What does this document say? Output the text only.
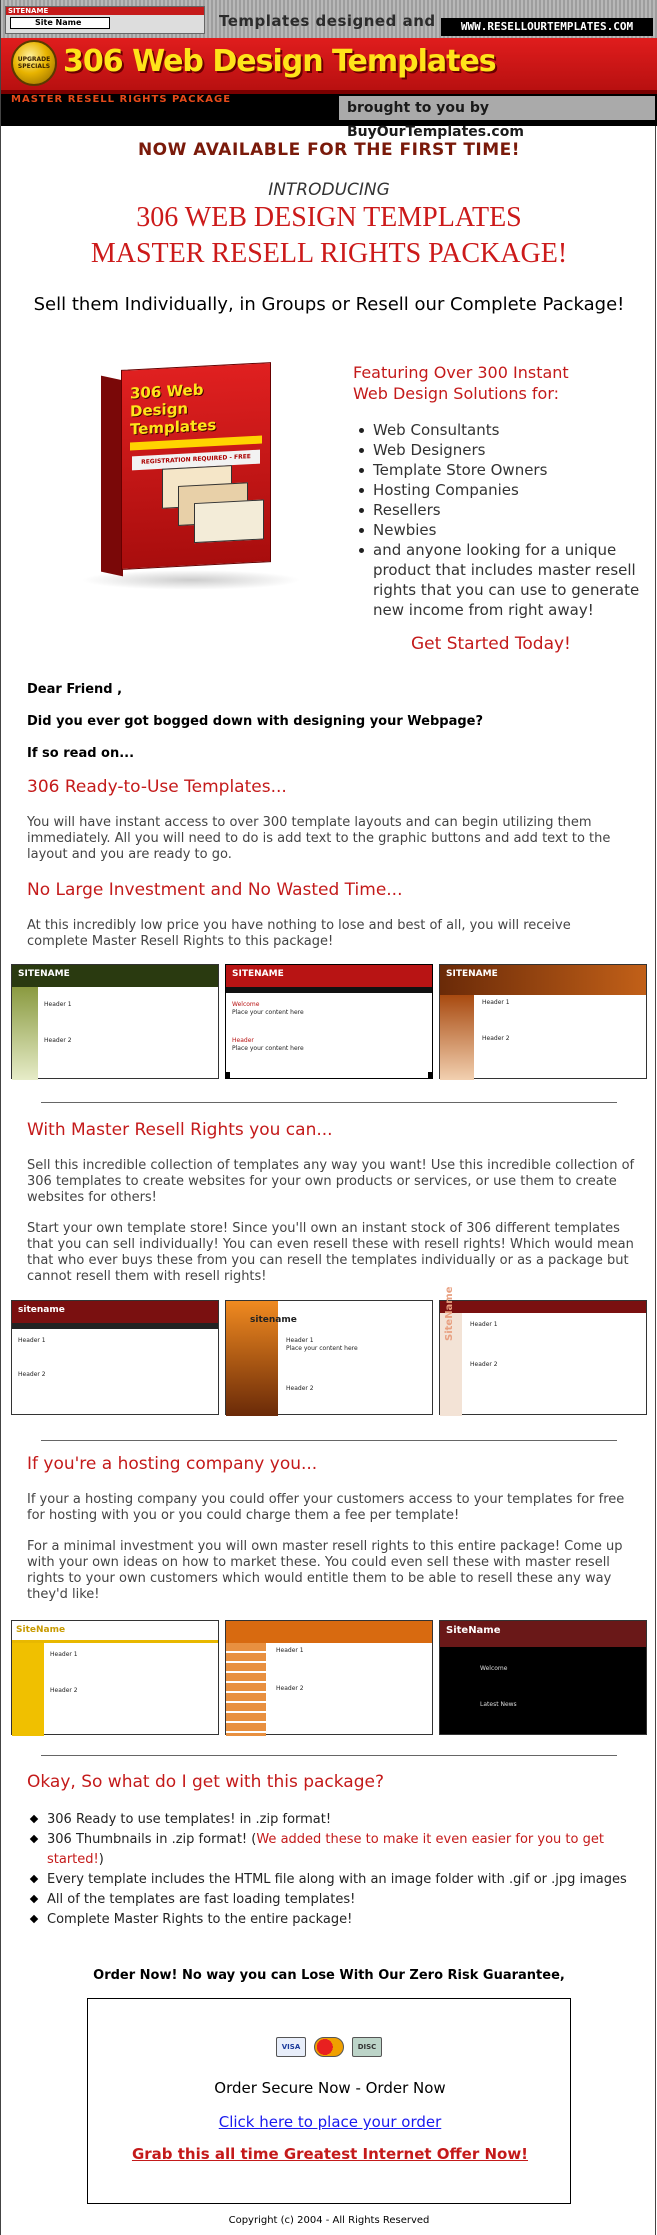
SITENAME
Site Name	Templates designed and	WWW.RESELLOURTEMPLATES.COM
UPGRADE SPECIALS 306 Web Design Templates
MASTER RESELL RIGHTS PACKAGE
brought to you by BuyOurTemplates.com
NOW AVAILABLE FOR THE FIRST TIME!
INTRODUCING
306 WEB DESIGN TEMPLATES
MASTER RESELL RIGHTS PACKAGE!
Sell them Individually, in Groups or Resell our Complete Package!
306 Web Design Templates
REGISTRATION REQUIRED - FREE
Featuring Over 300 Instant
Web Design Solutions for:
Web Consultants
Web Designers
Template Store Owners
Hosting Companies
Resellers
Newbies
and anyone looking for a unique product that includes master resell rights that you can use to generate new income from right away!
Get Started Today!
Dear Friend ,
Did you ever got bogged down with designing your Webpage?
If so read on...
306 Ready-to-Use Templates...
You will have instant access to over 300 template layouts and can begin utilizing them immediately. All you will need to do is add text to the graphic buttons and add text to the layout and you are ready to go.
No Large Investment and No Wasted Time...
At this incredibly low price you have nothing to lose and best of all, you will receive complete Master Resell Rights to this package!
SITENAME
Header 1
Header 2
SITENAME
Welcome
Place your content here
Header
Place your content here
SITENAME
Header 1
Header 2
With Master Resell Rights you can...
Sell this incredible collection of templates any way you want! Use this incredible collection of 306 templates to create websites for your own products or services, or use them to create websites for others!
Start your own template store! Since you'll own an instant stock of 306 different templates that you can sell individually! You can even resell these with resell rights! Which would mean that who ever buys these from you can resell the templates individually or as a package but cannot resell them with resell rights!
sitename
Header 1
Header 2
sitename
Header 1
Place your content here
Header 2
SiteName	Header 1
Header 2
If you're a hosting company you...
If your a hosting company you could offer your customers access to your templates for free for hosting with you or you could charge them a fee per template!
For a minimal investment you will own master resell rights to this entire package! Come up with your own ideas on how to market these. You could even sell these with master resell rights to your own customers which would entitle them to be able to resell these any way they'd like!
SiteName
Header 1
Header 2
Header 1
Header 2
SiteName
Welcome
Latest News
Okay, So what do I get with this package?
306 Ready to use templates! in .zip format!
306 Thumbnails in .zip format! (We added these to make it even easier for you to get started!)
Every template includes the HTML file along with an image folder with .gif or .jpg images
All of the templates are fast loading templates!
Complete Master Rights to the entire package!
Order Now! No way you can Lose With Our Zero Risk Guarantee,
VISA	DISC
Order Secure Now - Order Now
Click here to place your order
Grab this all time Greatest Internet Offer Now!
Copyright (c) 2004 - All Rights Reserved
